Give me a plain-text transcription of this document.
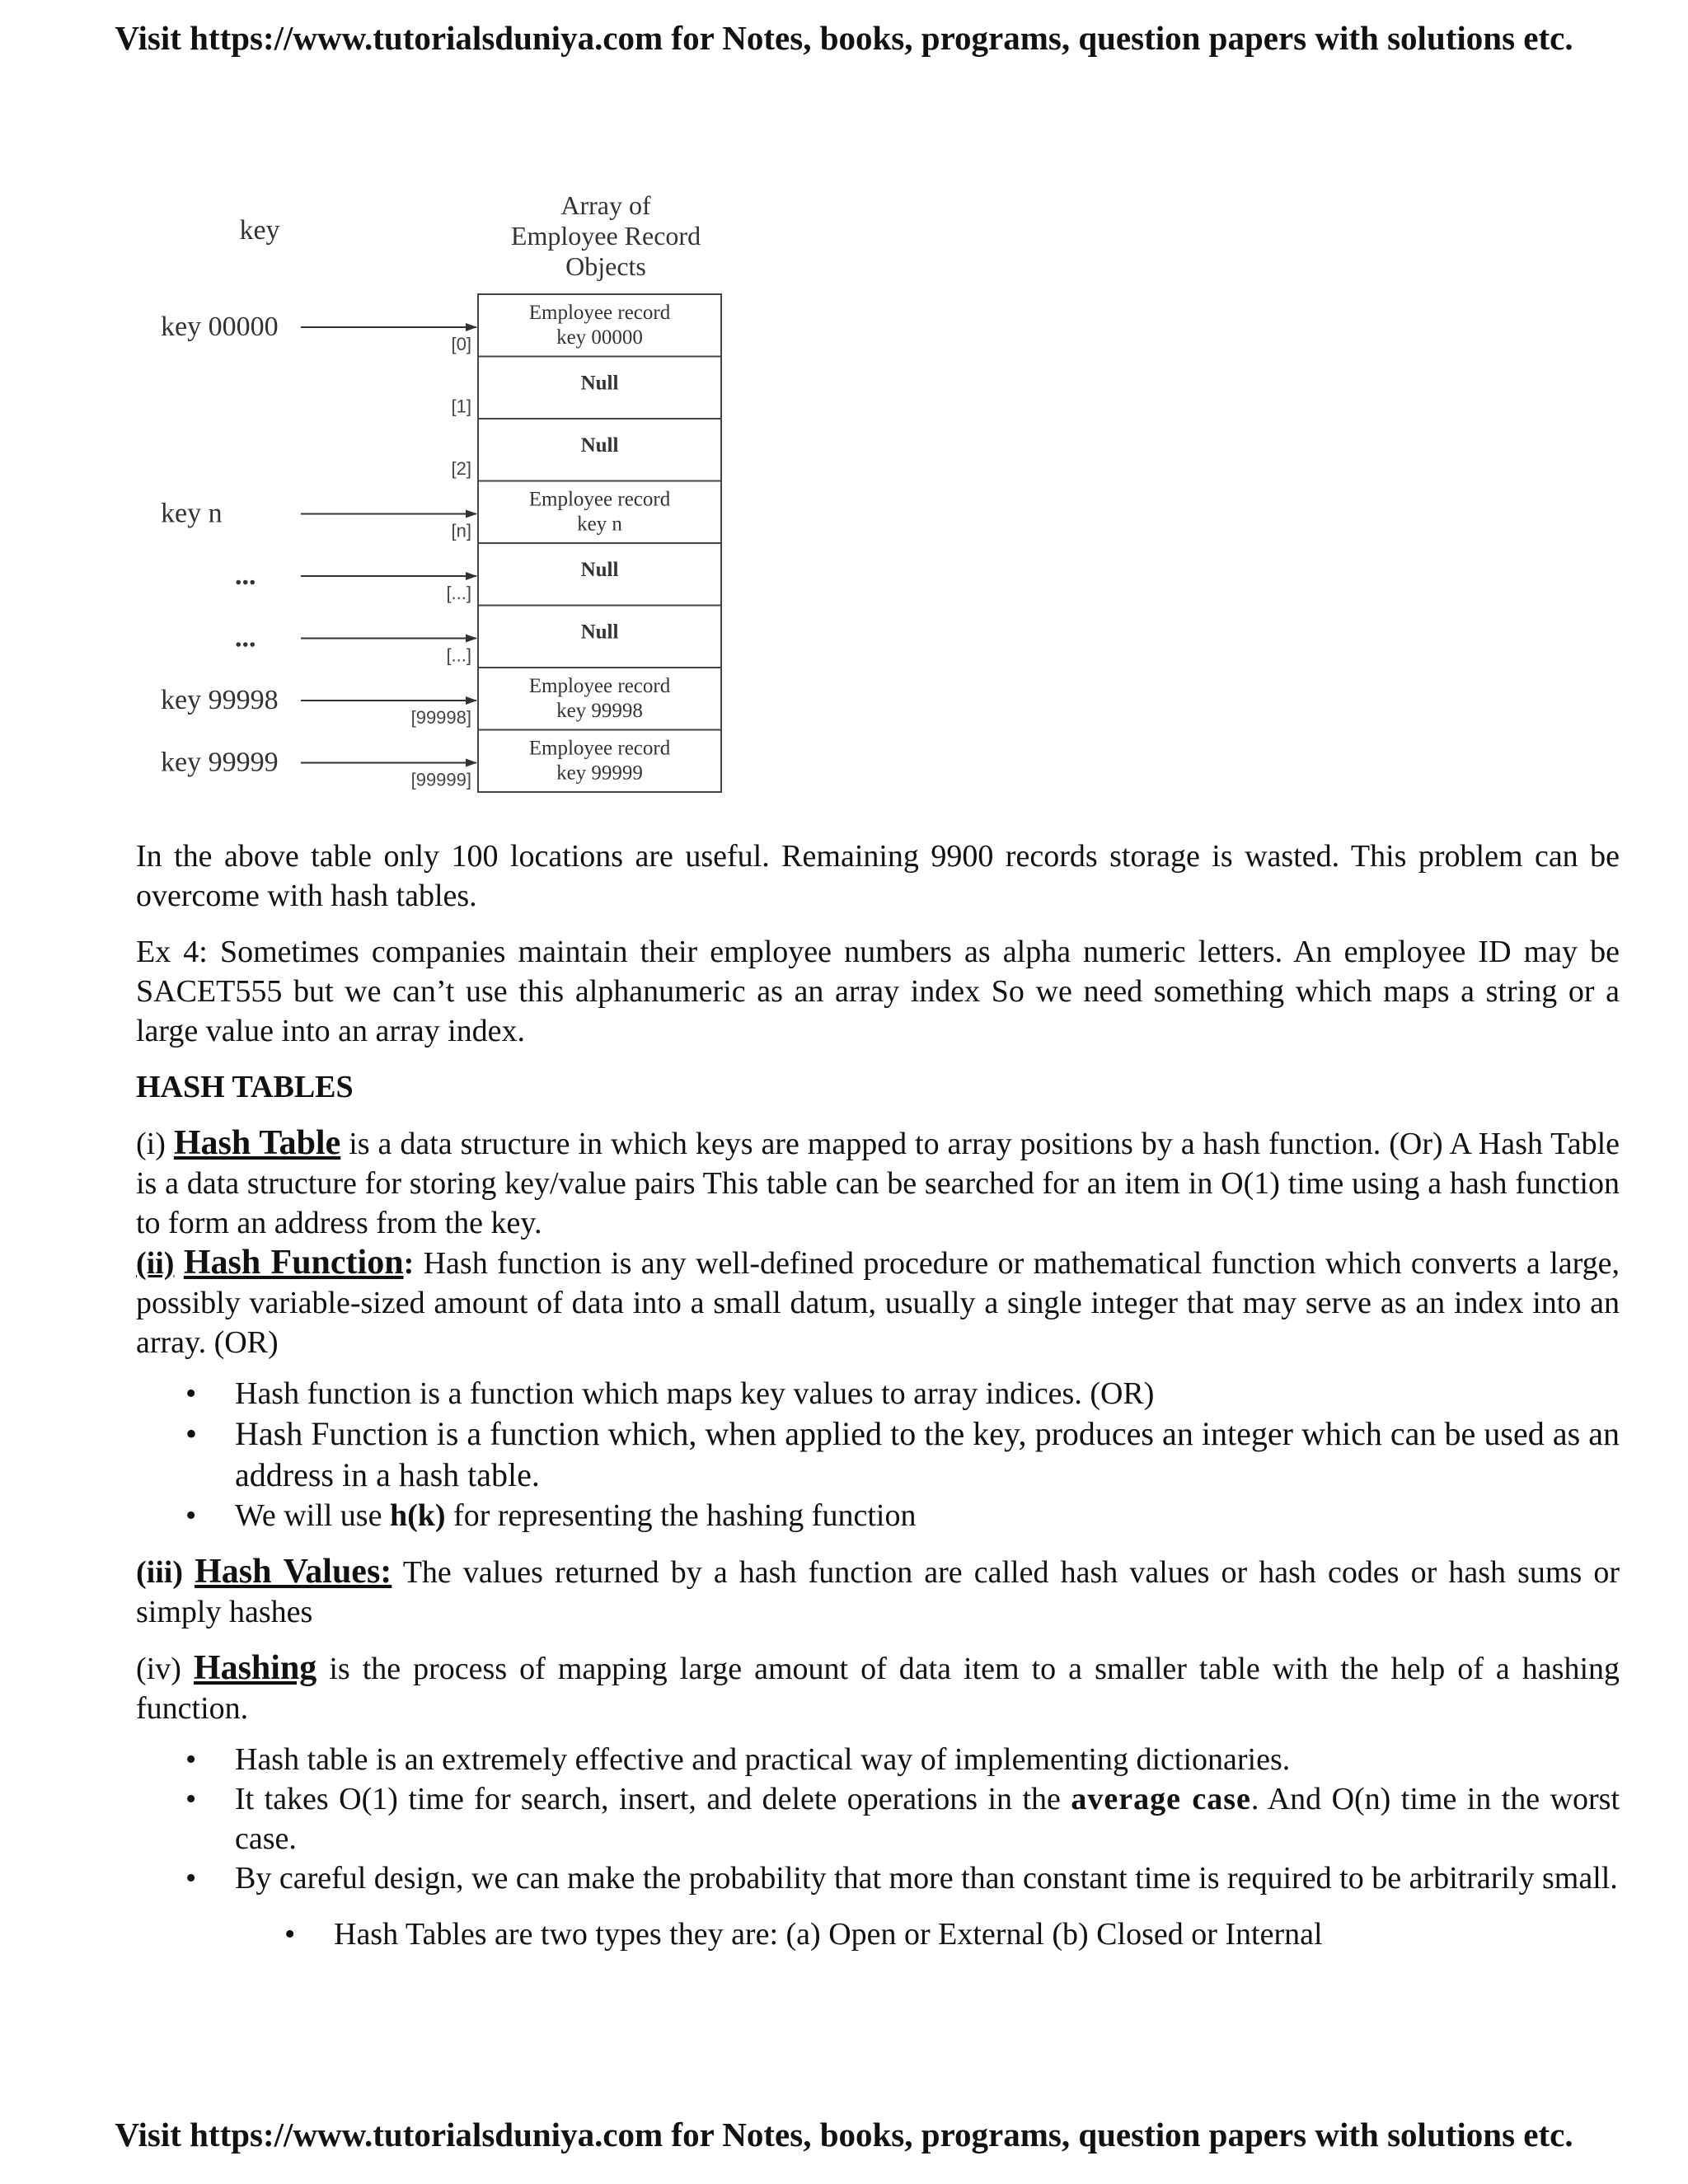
Visit https://www.tutorialsduniya.com for Notes, books, programs, question papers with solutions etc.
key
Array of
Employee Record
Objects
Employee record
key 00000
[0]
key 00000
Null
[1]
Null
[2]
Employee record
key n
[n]
key n
Null
[...]
...
Null
[...]
...
Employee record
key 99998
[99998]
key 99998
Employee record
key 99999
[99999]
key 99999

In the above table only 100 locations are useful. Remaining 9900 records storage is wasted. This problem can be overcome with hash tables.

Ex 4: Sometimes companies maintain their employee numbers as alpha numeric letters. An employee ID may be SACET555 but we can’t use this alphanumeric as an array index So we need something which maps a string or a large value into an array index.

HASH TABLES

(i) Hash Table is a data structure in which keys are mapped to array positions by a hash function. (Or) A Hash Table is a data structure for storing key/value pairs This table can be searched for an item in O(1) time using a hash function to form an address from the key.

(ii) Hash Function: Hash function is any well-defined procedure or mathematical function which converts a large, possibly variable-sized amount of data into a small datum, usually a single integer that may serve as an index into an array. (OR)

• Hash function is a function which maps key values to array indices. (OR)
• Hash Function is a function which, when applied to the key, produces an integer which can be used as an address in a hash table.
• We will use h(k) for representing the hashing function

(iii) Hash Values: The values returned by a hash function are called hash values or hash codes or hash sums or simply hashes

(iv) Hashing is the process of mapping large amount of data item to a smaller table with the help of a hashing function.

• Hash table is an extremely effective and practical way of implementing dictionaries.
• It takes O(1) time for search, insert, and delete operations in the average case. And O(n) time in the worst case.
• By careful design, we can make the probability that more than constant time is required to be arbitrarily small.
• Hash Tables are two types they are: (a) Open or External (b) Closed or Internal
Visit https://www.tutorialsduniya.com for Notes, books, programs, question papers with solutions etc.
